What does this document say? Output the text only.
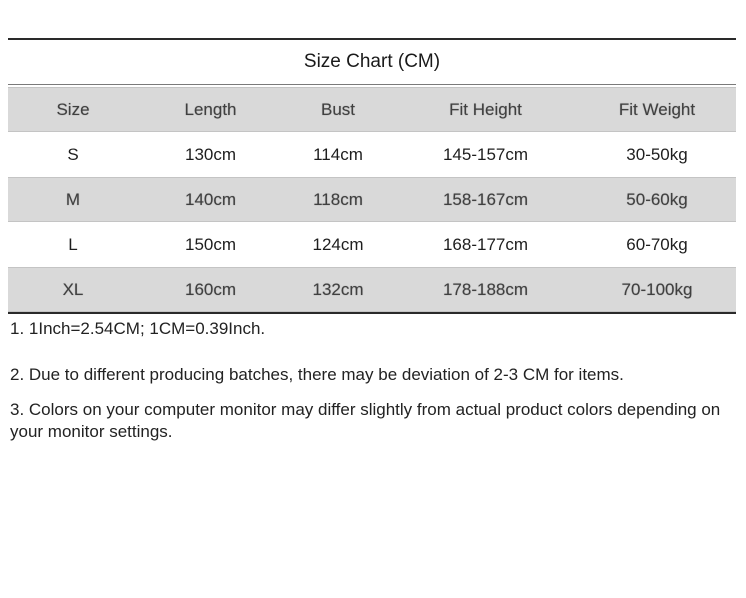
Size Chart (CM)
Size	Length	Bust	Fit Height	Fit Weight
S	130cm	114cm	145-157cm	30-50kg
M	140cm	118cm	158-167cm	50-60kg
L	150cm	124cm	168-177cm	60-70kg
XL	160cm	132cm	178-188cm	70-100kg

1. 1Inch=2.54CM; 1CM=0.39Inch.

2. Due to different producing batches, there may be deviation of 2-3 CM for items.

3. Colors on your computer monitor may differ slightly from actual product colors depending on your monitor settings.
